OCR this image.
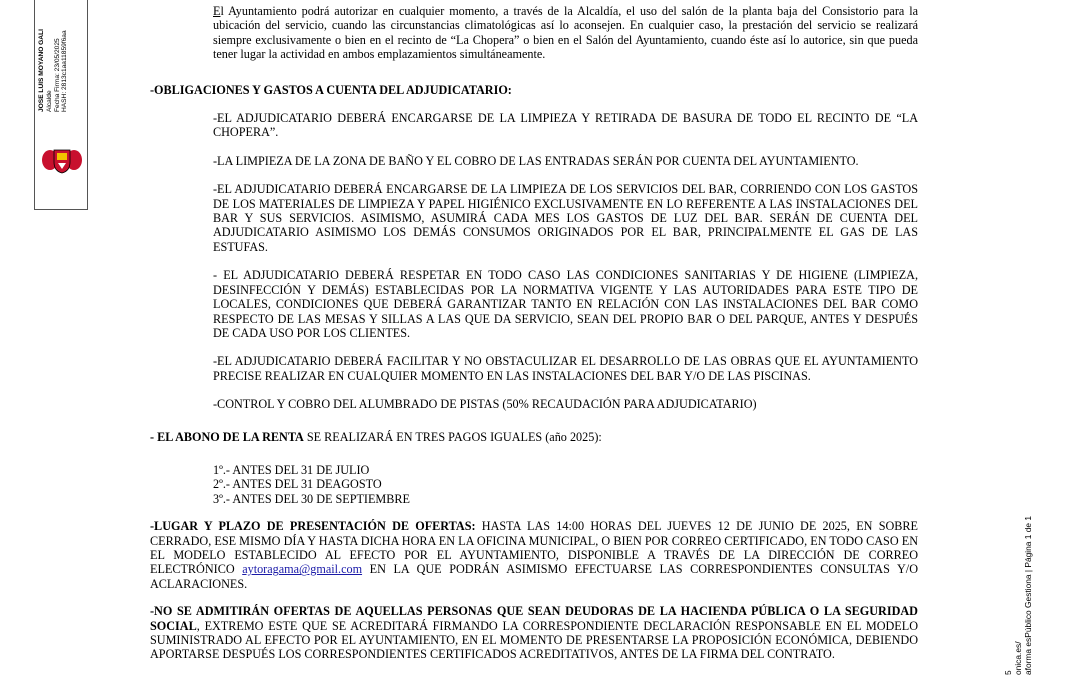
JOSE LUIS MOYANO GALI Alcalde Fecha Firma: 23/05/2025 HASH: 2813c1aa11859f6aa
5 onica.es/ aforma esPúblico Gestiona | Página 1 de 1

El Ayuntamiento podrá autorizar en cualquier momento, a través de la Alcaldía, el uso del salón de la planta baja del Consistorio para la ubicación del servicio, cuando las circunstancias climatológicas así lo aconsejen. En cualquier caso, la prestación del servicio se realizará siempre exclusivamente o bien en el recinto de “La Chopera” o bien en el Salón del Ayuntamiento, cuando éste así lo autorice, sin que pueda tener lugar la actividad en ambos emplazamientos simultáneamente.

-OBLIGACIONES Y GASTOS A CUENTA DEL ADJUDICATARIO:

-EL ADJUDICATARIO DEBERÁ ENCARGARSE DE LA LIMPIEZA Y RETIRADA DE BASURA DE TODO EL RECINTO DE “LA CHOPERA”.

-LA LIMPIEZA DE LA ZONA DE BAÑO Y EL COBRO DE LAS ENTRADAS SERÁN POR CUENTA DEL AYUNTAMIENTO.

-EL ADJUDICATARIO DEBERÁ ENCARGARSE DE LA LIMPIEZA DE LOS SERVICIOS DEL BAR, CORRIENDO CON LOS GASTOS DE LOS MATERIALES DE LIMPIEZA Y PAPEL HIGIÉNICO EXCLUSIVAMENTE EN LO REFERENTE A LAS INSTALACIONES DEL BAR Y SUS SERVICIOS. ASIMISMO, ASUMIRÁ CADA MES LOS GASTOS DE LUZ DEL BAR. SERÁN DE CUENTA DEL ADJUDICATARIO ASIMISMO LOS DEMÁS CONSUMOS ORIGINADOS POR EL BAR, PRINCIPALMENTE EL GAS DE LAS ESTUFAS.

- EL ADJUDICATARIO DEBERÁ RESPETAR EN TODO CASO LAS CONDICIONES SANITARIAS Y DE HIGIENE (LIMPIEZA, DESINFECCIÓN Y DEMÁS) ESTABLECIDAS POR LA NORMATIVA VIGENTE Y LAS AUTORIDADES PARA ESTE TIPO DE LOCALES, CONDICIONES QUE DEBERÁ GARANTIZAR TANTO EN RELACIÓN CON LAS INSTALACIONES DEL BAR COMO RESPECTO DE LAS MESAS Y SILLAS A LAS QUE DA SERVICIO, SEAN DEL PROPIO BAR O DEL PARQUE, ANTES Y DESPUÉS DE CADA USO POR LOS CLIENTES.

-EL ADJUDICATARIO DEBERÁ FACILITAR Y NO OBSTACULIZAR EL DESARROLLO DE LAS OBRAS QUE EL AYUNTAMIENTO PRECISE REALIZAR EN CUALQUIER MOMENTO EN LAS INSTALACIONES DEL BAR Y/O DE LAS PISCINAS.

-CONTROL Y COBRO DEL ALUMBRADO DE PISTAS (50% RECAUDACIÓN PARA ADJUDICATARIO)

- EL ABONO DE LA RENTA SE REALIZARÁ EN TRES PAGOS IGUALES (año 2025):

1º.- ANTES DEL 31 DE JULIO

2º.- ANTES DEL 31 DEAGOSTO

3º.- ANTES DEL 30 DE SEPTIEMBRE

-LUGAR Y PLAZO DE PRESENTACIÓN DE OFERTAS: HASTA LAS 14:00 HORAS DEL JUEVES 12 DE JUNIO DE 2025, EN SOBRE CERRADO, ESE MISMO DÍA Y HASTA DICHA HORA EN LA OFICINA MUNICIPAL, O BIEN POR CORREO CERTIFICADO, EN TODO CASO EN EL MODELO ESTABLECIDO AL EFECTO POR EL AYUNTAMIENTO, DISPONIBLE A TRAVÉS DE LA DIRECCIÓN DE CORREO ELECTRÓNICO aytoragama@gmail.com EN LA QUE PODRÁN ASIMISMO EFECTUARSE LAS CORRESPONDIENTES CONSULTAS Y/O ACLARACIONES.

-NO SE ADMITIRÁN OFERTAS DE AQUELLAS PERSONAS QUE SEAN DEUDORAS DE LA HACIENDA PÚBLICA O LA SEGURIDAD SOCIAL, EXTREMO ESTE QUE SE ACREDITARÁ FIRMANDO LA CORRESPONDIENTE DECLARACIÓN RESPONSABLE EN EL MODELO SUMINISTRADO AL EFECTO POR EL AYUNTAMIENTO, EN EL MOMENTO DE PRESENTARSE LA PROPOSICIÓN ECONÓMICA, DEBIENDO APORTARSE DESPUÉS LOS CORRESPONDIENTES CERTIFICADOS ACREDITATIVOS, ANTES DE LA FIRMA DEL CONTRATO.
